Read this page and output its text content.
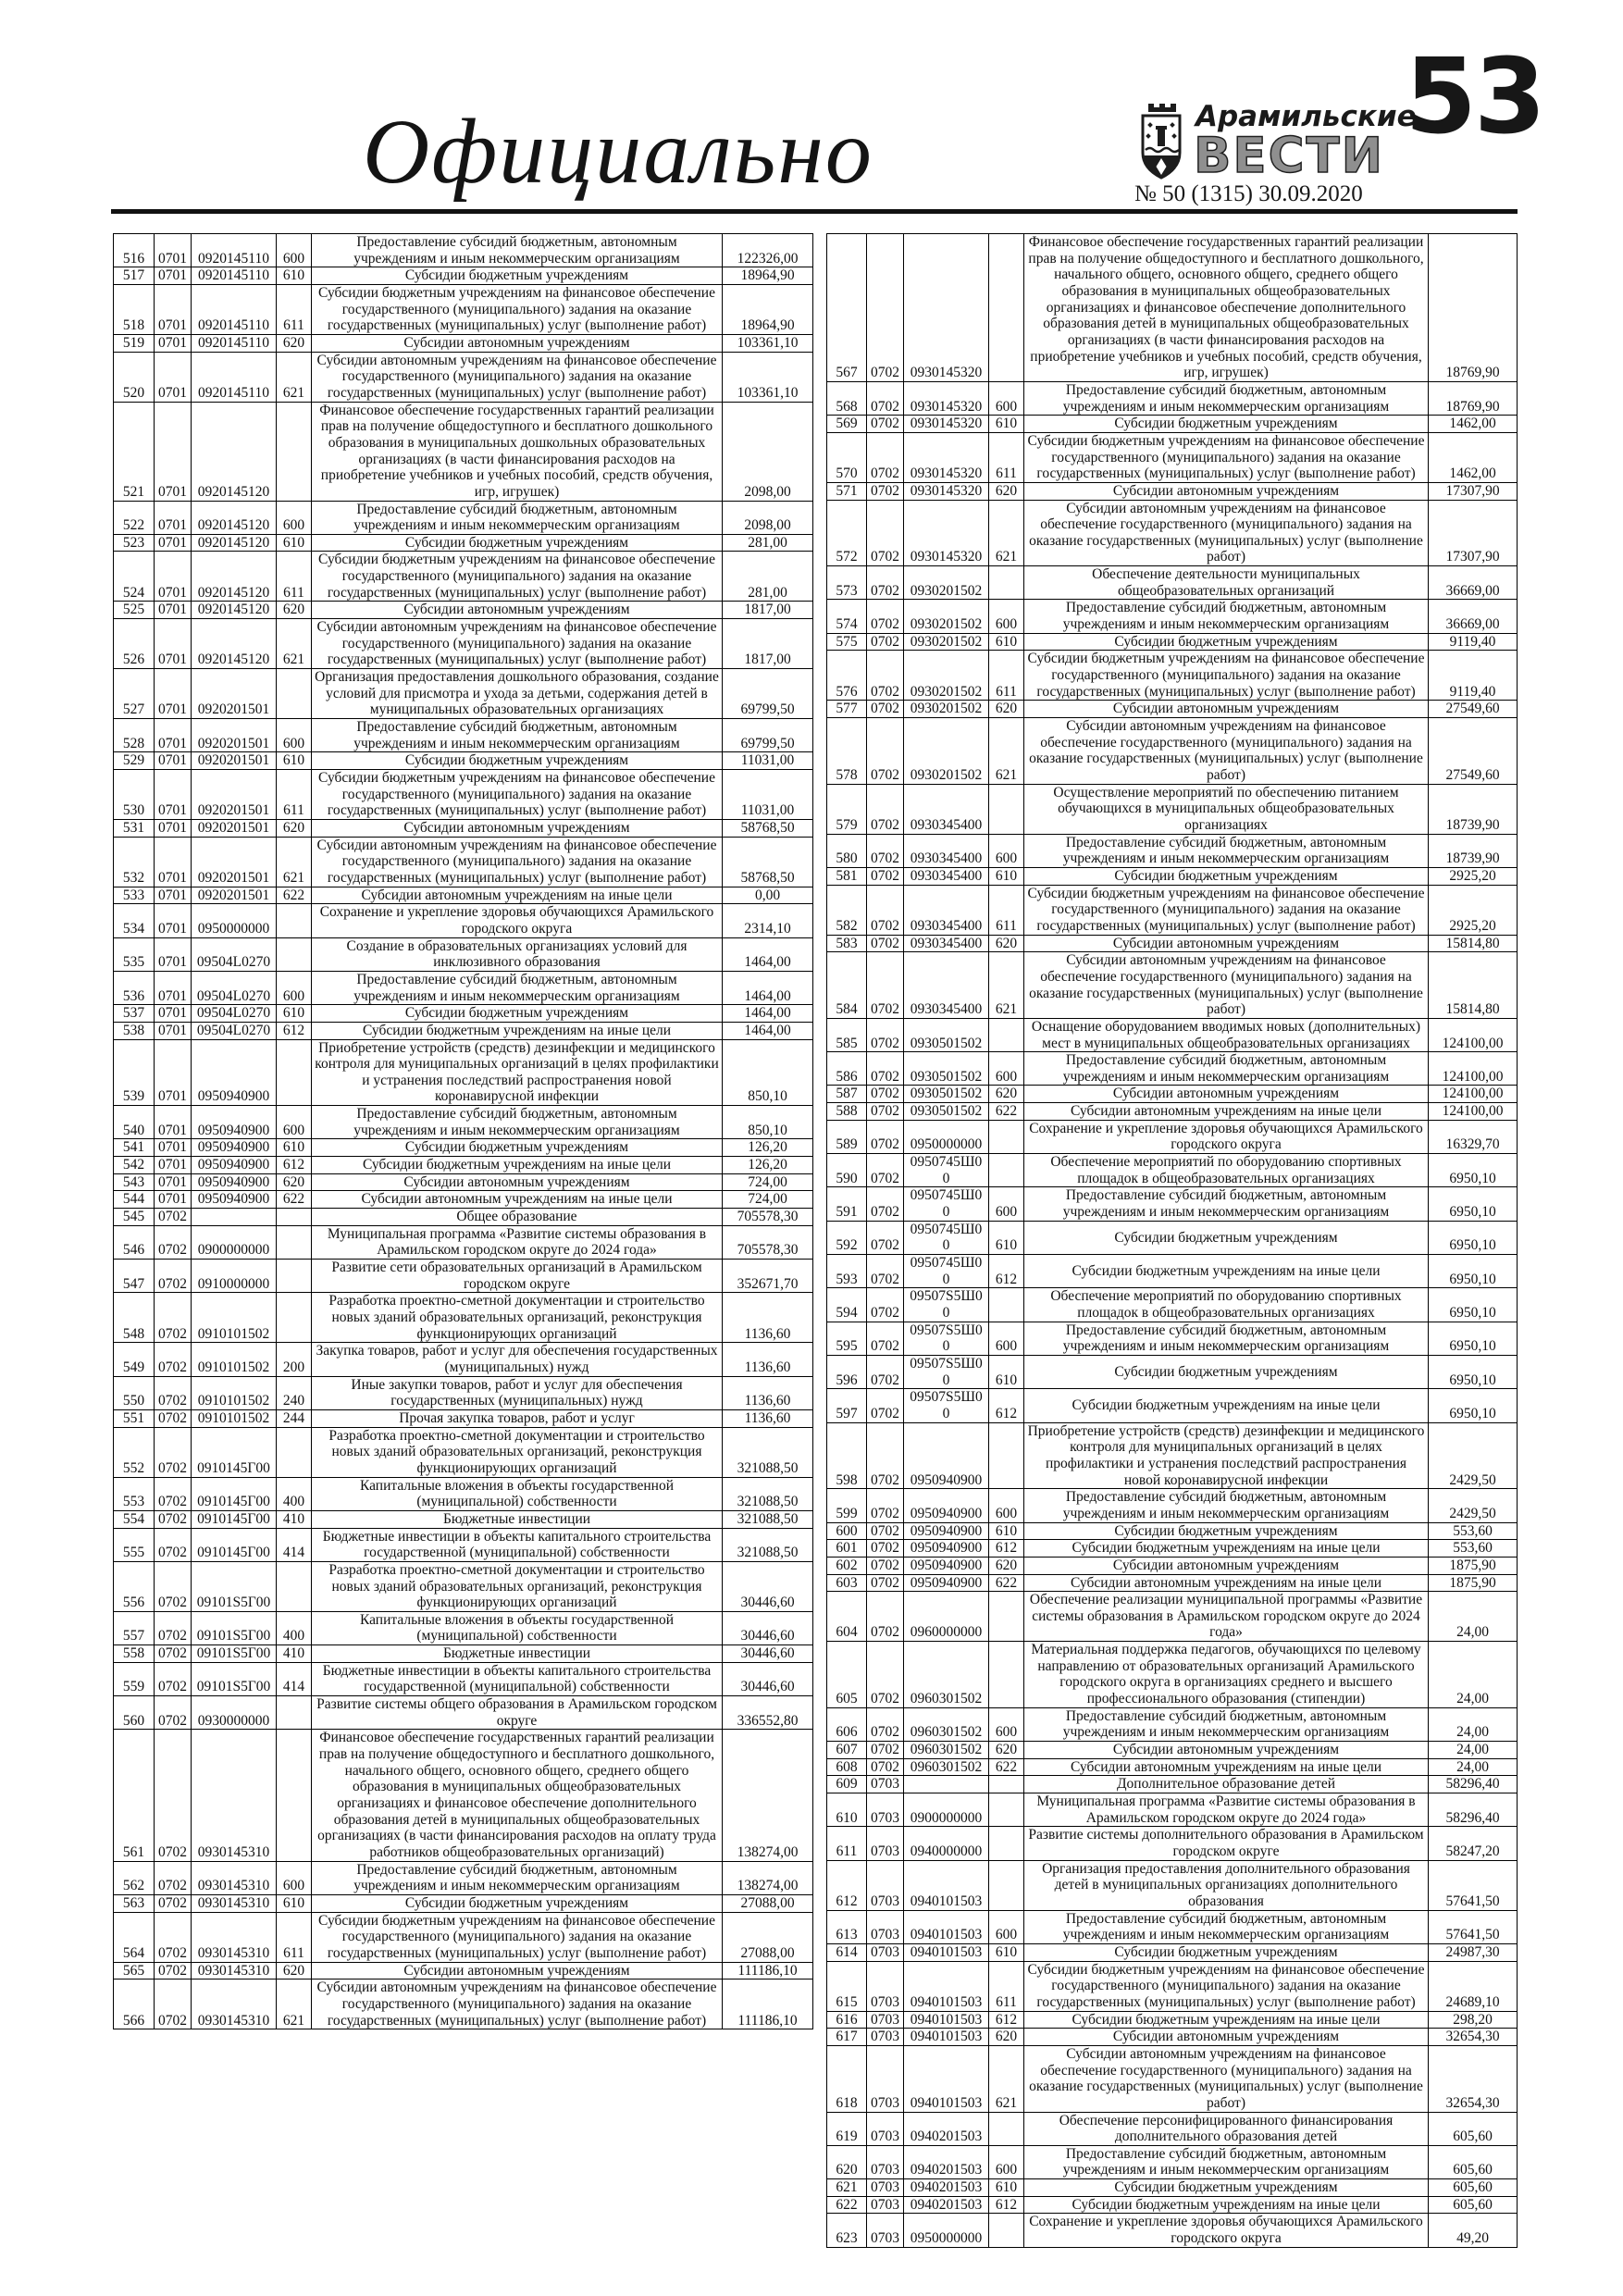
Официально	Арамильские
ВЕСТИ
№ 50 (1315) 30.09.2020
53
516	0701	0920145110	600	Предоставление субсидий бюджетным, автономным учреждениям и иным некоммерческим организациям	122326,00
517	0701	0920145110	610	Субсидии бюджетным учреждениям	18964,90
518	0701	0920145110	611	Субсидии бюджетным учреждениям на финансовое обеспечение государственного (муниципального) задания на оказание государственных (муниципальных) услуг (выполнение работ)	18964,90
519	0701	0920145110	620	Субсидии автономным учреждениям	103361,10
520	0701	0920145110	621	Субсидии автономным учреждениям на финансовое обеспечение государственного (муниципального) задания на оказание государственных (муниципальных) услуг (выполнение работ)	103361,10
521	0701	0920145120		Финансовое обеспечение государственных гарантий реализации прав на получение общедоступного и бесплатного дошкольного образования в муниципальных дошкольных образовательных организациях (в части финансирования расходов на приобретение учебников и учебных пособий, средств обучения, игр, игрушек)	2098,00
522	0701	0920145120	600	Предоставление субсидий бюджетным, автономным учреждениям и иным некоммерческим организациям	2098,00
523	0701	0920145120	610	Субсидии бюджетным учреждениям	281,00
524	0701	0920145120	611	Субсидии бюджетным учреждениям на финансовое обеспечение государственного (муниципального) задания на оказание государственных (муниципальных) услуг (выполнение работ)	281,00
525	0701	0920145120	620	Субсидии автономным учреждениям	1817,00
526	0701	0920145120	621	Субсидии автономным учреждениям на финансовое обеспечение государственного (муниципального) задания на оказание государственных (муниципальных) услуг (выполнение работ)	1817,00
527	0701	0920201501		Организация предоставления дошкольного образования, создание условий для присмотра и ухода за детьми, содержания детей в муниципальных образовательных организациях	69799,50
528	0701	0920201501	600	Предоставление субсидий бюджетным, автономным учреждениям и иным некоммерческим организациям	69799,50
529	0701	0920201501	610	Субсидии бюджетным учреждениям	11031,00
530	0701	0920201501	611	Субсидии бюджетным учреждениям на финансовое обеспечение государственного (муниципального) задания на оказание государственных (муниципальных) услуг (выполнение работ)	11031,00
531	0701	0920201501	620	Субсидии автономным учреждениям	58768,50
532	0701	0920201501	621	Субсидии автономным учреждениям на финансовое обеспечение государственного (муниципального) задания на оказание государственных (муниципальных) услуг (выполнение работ)	58768,50
533	0701	0920201501	622	Субсидии автономным учреждениям на иные цели	0,00
534	0701	0950000000		Сохранение и укрепление здоровья обучающихся Арамильского городского округа	2314,10
535	0701	09504L0270		Создание в образовательных организациях условий для инклюзивного образования	1464,00
536	0701	09504L0270	600	Предоставление субсидий бюджетным, автономным учреждениям и иным некоммерческим организациям	1464,00
537	0701	09504L0270	610	Субсидии бюджетным учреждениям	1464,00
538	0701	09504L0270	612	Субсидии бюджетным учреждениям на иные цели	1464,00
539	0701	0950940900		Приобретение устройств (средств) дезинфекции и медицинского контроля для муниципальных организаций в целях профилактики и устранения последствий распространения новой коронавирусной инфекции	850,10
540	0701	0950940900	600	Предоставление субсидий бюджетным, автономным учреждениям и иным некоммерческим организациям	850,10
541	0701	0950940900	610	Субсидии бюджетным учреждениям	126,20
542	0701	0950940900	612	Субсидии бюджетным учреждениям на иные цели	126,20
543	0701	0950940900	620	Субсидии автономным учреждениям	724,00
544	0701	0950940900	622	Субсидии автономным учреждениям на иные цели	724,00
545	0702			Общее образование	705578,30
546	0702	0900000000		Муниципальная программа «Развитие системы образования в Арамильском городском округе до 2024 года»	705578,30
547	0702	0910000000		Развитие сети образовательных организаций в Арамильском городском округе	352671,70
548	0702	0910101502		Разработка проектно-сметной документации и строительство новых зданий образовательных организаций, реконструкция функционирующих организаций	1136,60
549	0702	0910101502	200	Закупка товаров, работ и услуг для обеспечения государственных (муниципальных) нужд	1136,60
550	0702	0910101502	240	Иные закупки товаров, работ и услуг для обеспечения государственных (муниципальных) нужд	1136,60
551	0702	0910101502	244	Прочая закупка товаров, работ и услуг	1136,60
552	0702	0910145Г00		Разработка проектно-сметной документации и строительство новых зданий образовательных организаций, реконструкция функционирующих организаций	321088,50
553	0702	0910145Г00	400	Капитальные вложения в объекты государственной (муниципальной) собственности	321088,50
554	0702	0910145Г00	410	Бюджетные инвестиции	321088,50
555	0702	0910145Г00	414	Бюджетные инвестиции в объекты капитального строительства государственной (муниципальной) собственности	321088,50
556	0702	09101S5Г00		Разработка проектно-сметной документации и строительство новых зданий образовательных организаций, реконструкция функционирующих организаций	30446,60
557	0702	09101S5Г00	400	Капитальные вложения в объекты государственной (муниципальной) собственности	30446,60
558	0702	09101S5Г00	410	Бюджетные инвестиции	30446,60
559	0702	09101S5Г00	414	Бюджетные инвестиции в объекты капитального строительства государственной (муниципальной) собственности	30446,60
560	0702	0930000000		Развитие системы общего образования в Арамильском городском округе	336552,80
561	0702	0930145310		Финансовое обеспечение государственных гарантий реализации прав на получение общедоступного и бесплатного дошкольного, начального общего, основного общего, среднего общего образования в муниципальных общеобразовательных организациях и финансовое обеспечение дополнительного образования детей в муниципальных общеобразовательных организациях (в части финансирования расходов на оплату труда работников общеобразовательных организаций)	138274,00
562	0702	0930145310	600	Предоставление субсидий бюджетным, автономным учреждениям и иным некоммерческим организациям	138274,00
563	0702	0930145310	610	Субсидии бюджетным учреждениям	27088,00
564	0702	0930145310	611	Субсидии бюджетным учреждениям на финансовое обеспечение государственного (муниципального) задания на оказание государственных (муниципальных) услуг (выполнение работ)	27088,00
565	0702	0930145310	620	Субсидии автономным учреждениям	111186,10
566	0702	0930145310	621	Субсидии автономным учреждениям на финансовое обеспечение государственного (муниципального) задания на оказание государственных (муниципальных) услуг (выполнение работ)	111186,10
567	0702	0930145320		Финансовое обеспечение государственных гарантий реализации прав на получение общедоступного и бесплатного дошкольного, начального общего, основного общего, среднего общего образования в муниципальных общеобразовательных организациях и финансовое обеспечение дополнительного образования детей в муниципальных общеобразовательных организациях (в части финансирования расходов на приобретение учебников и учебных пособий, средств обучения, игр, игрушек)	18769,90
568	0702	0930145320	600	Предоставление субсидий бюджетным, автономным учреждениям и иным некоммерческим организациям	18769,90
569	0702	0930145320	610	Субсидии бюджетным учреждениям	1462,00
570	0702	0930145320	611	Субсидии бюджетным учреждениям на финансовое обеспечение государственного (муниципального) задания на оказание государственных (муниципальных) услуг (выполнение работ)	1462,00
571	0702	0930145320	620	Субсидии автономным учреждениям	17307,90
572	0702	0930145320	621	Субсидии автономным учреждениям на финансовое обеспечение государственного (муниципального) задания на оказание государственных (муниципальных) услуг (выполнение работ)	17307,90
573	0702	0930201502		Обеспечение деятельности муниципальных общеобразовательных организаций	36669,00
574	0702	0930201502	600	Предоставление субсидий бюджетным, автономным учреждениям и иным некоммерческим организациям	36669,00
575	0702	0930201502	610	Субсидии бюджетным учреждениям	9119,40
576	0702	0930201502	611	Субсидии бюджетным учреждениям на финансовое обеспечение государственного (муниципального) задания на оказание государственных (муниципальных) услуг (выполнение работ)	9119,40
577	0702	0930201502	620	Субсидии автономным учреждениям	27549,60
578	0702	0930201502	621	Субсидии автономным учреждениям на финансовое обеспечение государственного (муниципального) задания на оказание государственных (муниципальных) услуг (выполнение работ)	27549,60
579	0702	0930345400		Осуществление мероприятий по обеспечению питанием обучающихся в муниципальных общеобразовательных организациях	18739,90
580	0702	0930345400	600	Предоставление субсидий бюджетным, автономным учреждениям и иным некоммерческим организациям	18739,90
581	0702	0930345400	610	Субсидии бюджетным учреждениям	2925,20
582	0702	0930345400	611	Субсидии бюджетным учреждениям на финансовое обеспечение государственного (муниципального) задания на оказание государственных (муниципальных) услуг (выполнение работ)	2925,20
583	0702	0930345400	620	Субсидии автономным учреждениям	15814,80
584	0702	0930345400	621	Субсидии автономным учреждениям на финансовое обеспечение государственного (муниципального) задания на оказание государственных (муниципальных) услуг (выполнение работ)	15814,80
585	0702	0930501502		Оснащение оборудованием вводимых новых (дополнительных) мест в муниципальных общеобразовательных организациях	124100,00
586	0702	0930501502	600	Предоставление субсидий бюджетным, автономным учреждениям и иным некоммерческим организациям	124100,00
587	0702	0930501502	620	Субсидии автономным учреждениям	124100,00
588	0702	0930501502	622	Субсидии автономным учреждениям на иные цели	124100,00
589	0702	0950000000		Сохранение и укрепление здоровья обучающихся Арамильского городского округа	16329,70
590	0702	0950745Ш00		Обеспечение мероприятий по оборудованию спортивных площадок в общеобразовательных организациях	6950,10
591	0702	0950745Ш00	600	Предоставление субсидий бюджетным, автономным учреждениям и иным некоммерческим организациям	6950,10
592	0702	0950745Ш00	610	Субсидии бюджетным учреждениям	6950,10
593	0702	0950745Ш00	612	Субсидии бюджетным учреждениям на иные цели	6950,10
594	0702	09507S5Ш00		Обеспечение мероприятий по оборудованию спортивных площадок в общеобразовательных организациях	6950,10
595	0702	09507S5Ш00	600	Предоставление субсидий бюджетным, автономным учреждениям и иным некоммерческим организациям	6950,10
596	0702	09507S5Ш00	610	Субсидии бюджетным учреждениям	6950,10
597	0702	09507S5Ш00	612	Субсидии бюджетным учреждениям на иные цели	6950,10
598	0702	0950940900		Приобретение устройств (средств) дезинфекции и медицинского контроля для муниципальных организаций в целях профилактики и устранения последствий распространения новой коронавирусной инфекции	2429,50
599	0702	0950940900	600	Предоставление субсидий бюджетным, автономным учреждениям и иным некоммерческим организациям	2429,50
600	0702	0950940900	610	Субсидии бюджетным учреждениям	553,60
601	0702	0950940900	612	Субсидии бюджетным учреждениям на иные цели	553,60
602	0702	0950940900	620	Субсидии автономным учреждениям	1875,90
603	0702	0950940900	622	Субсидии автономным учреждениям на иные цели	1875,90
604	0702	0960000000		Обеспечение реализации муниципальной программы «Развитие системы образования в Арамильском городском округе до 2024 года»	24,00
605	0702	0960301502		Материальная поддержка педагогов, обучающихся по целевому направлению от образовательных организаций Арамильского городского округа в организациях среднего и высшего профессионального образования (стипендии)	24,00
606	0702	0960301502	600	Предоставление субсидий бюджетным, автономным учреждениям и иным некоммерческим организациям	24,00
607	0702	0960301502	620	Субсидии автономным учреждениям	24,00
608	0702	0960301502	622	Субсидии автономным учреждениям на иные цели	24,00
609	0703			Дополнительное образование детей	58296,40
610	0703	0900000000		Муниципальная программа «Развитие системы образования в Арамильском городском округе до 2024 года»	58296,40
611	0703	0940000000		Развитие системы дополнительного образования в Арамильском городском округе	58247,20
612	0703	0940101503		Организация предоставления дополнительного образования детей в муниципальных организациях дополнительного образования	57641,50
613	0703	0940101503	600	Предоставление субсидий бюджетным, автономным учреждениям и иным некоммерческим организациям	57641,50
614	0703	0940101503	610	Субсидии бюджетным учреждениям	24987,30
615	0703	0940101503	611	Субсидии бюджетным учреждениям на финансовое обеспечение государственного (муниципального) задания на оказание государственных (муниципальных) услуг (выполнение работ)	24689,10
616	0703	0940101503	612	Субсидии бюджетным учреждениям на иные цели	298,20
617	0703	0940101503	620	Субсидии автономным учреждениям	32654,30
618	0703	0940101503	621	Субсидии автономным учреждениям на финансовое обеспечение государственного (муниципального) задания на оказание государственных (муниципальных) услуг (выполнение работ)	32654,30
619	0703	0940201503		Обеспечение персонифицированного финансирования дополнительного образования детей	605,60
620	0703	0940201503	600	Предоставление субсидий бюджетным, автономным учреждениям и иным некоммерческим организациям	605,60
621	0703	0940201503	610	Субсидии бюджетным учреждениям	605,60
622	0703	0940201503	612	Субсидии бюджетным учреждениям на иные цели	605,60
623	0703	0950000000		Сохранение и укрепление здоровья обучающихся Арамильского городского округа	49,20
